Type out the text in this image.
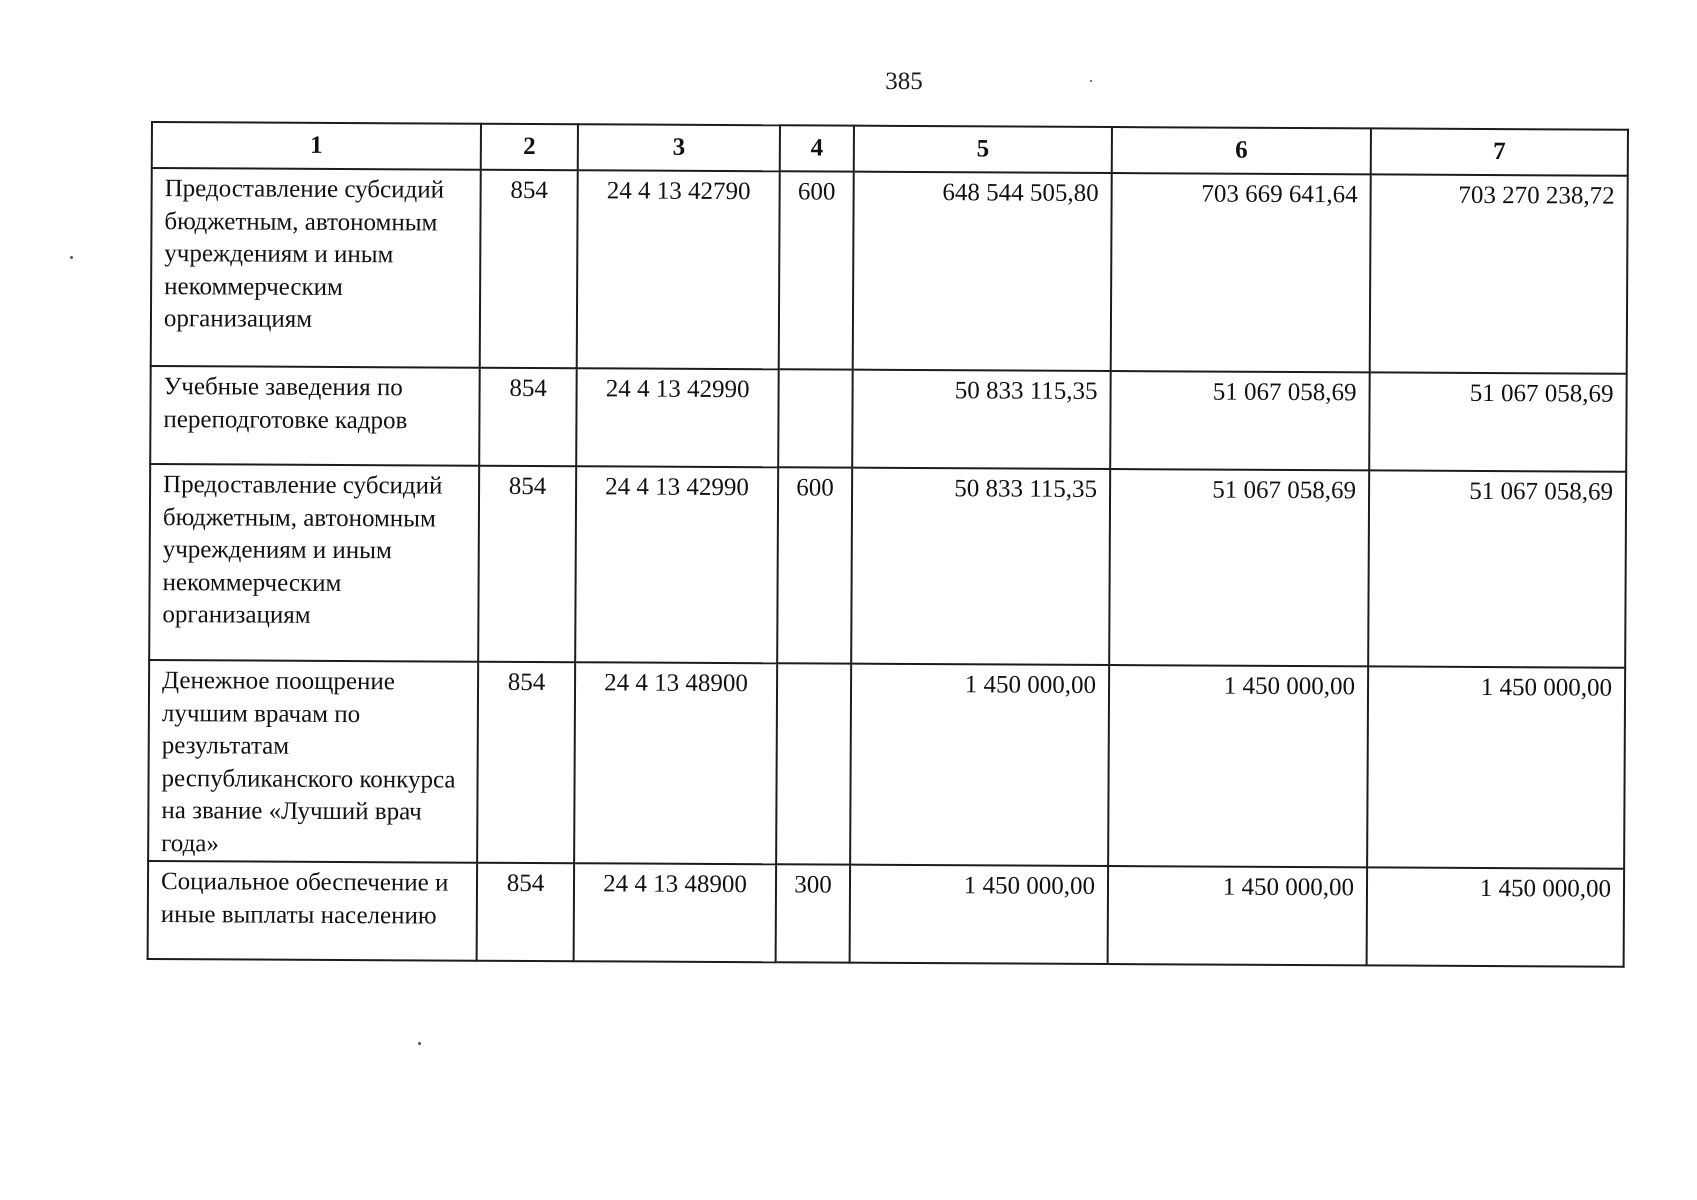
385
1	2	3	4	5	6	7
Предоставление субсидий бюджетным, автономным учреждениям и иным некоммерческим организациям	854	24 4 13 42790	600	648 544 505,80	703 669 641,64	703 270 238,72
Учебные заведения по переподготовке кадров	854	24 4 13 42990		50 833 115,35	51 067 058,69	51 067 058,69
Предоставление субсидий бюджетным, автономным учреждениям и иным некоммерческим организациям	854	24 4 13 42990	600	50 833 115,35	51 067 058,69	51 067 058,69
Денежное поощрение лучшим врачам по результатам республиканского конкурса на звание «Лучший врач года»	854	24 4 13 48900		1 450 000,00	1 450 000,00	1 450 000,00
Социальное обеспечение и иные выплаты населению	854	24 4 13 48900	300	1 450 000,00	1 450 000,00	1 450 000,00
